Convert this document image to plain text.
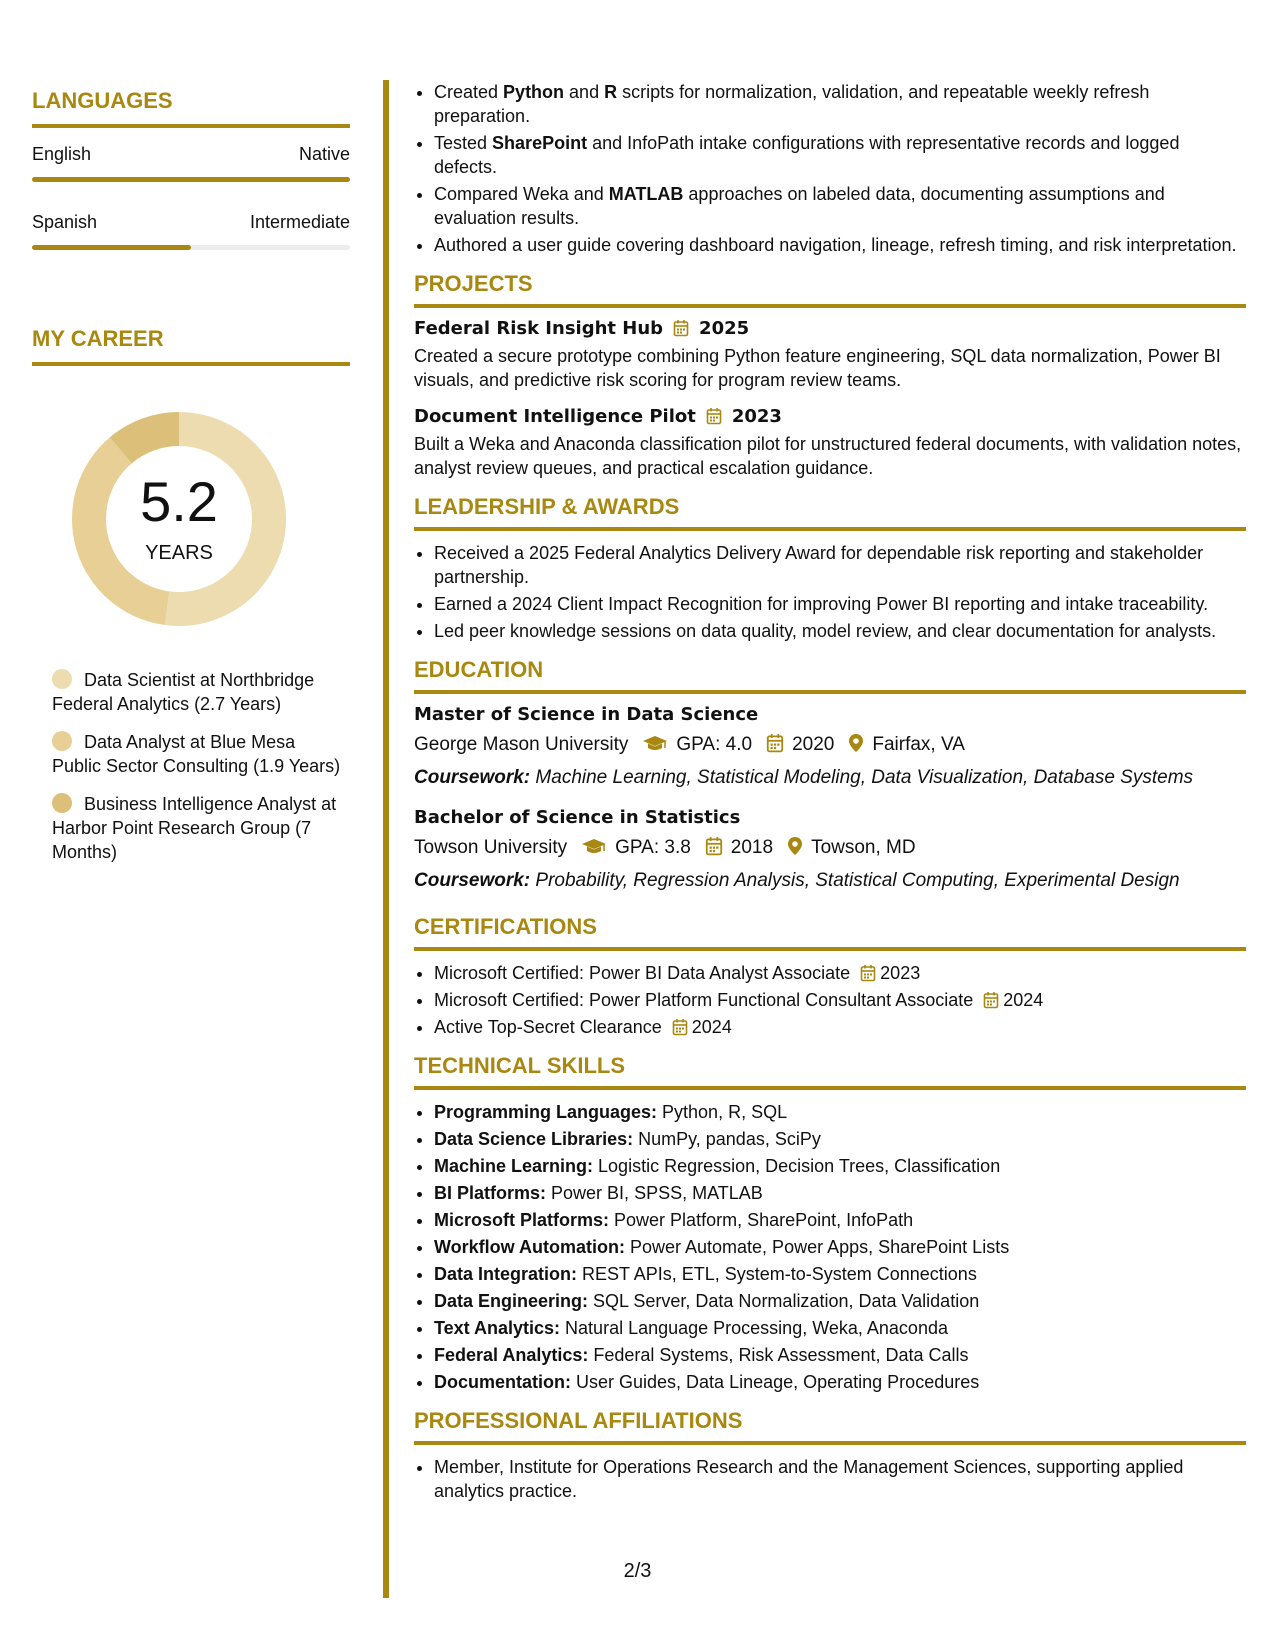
LANGUAGES
English	Native
Spanish	Intermediate
MY CAREER
5.2
YEARS
Data Scientist at Northbridge Federal Analytics (2.7 Years)
Data Analyst at Blue Mesa Public Sector Consulting (1.9 Years)
Business Intelligence Analyst at Harbor Point Research Group (7 Months)
• Created Python and R scripts for normalization, validation, and repeatable weekly refresh preparation.
• Tested SharePoint and InfoPath intake configurations with representative records and logged defects.
• Compared Weka and MATLAB approaches on labeled data, documenting assumptions and evaluation results.
• Authored a user guide covering dashboard navigation, lineage, refresh timing, and risk interpretation.
PROJECTS
Federal Risk Insight Hub 2025
Created a secure prototype combining Python feature engineering, SQL data normalization, Power BI visuals, and predictive risk scoring for program review teams.
Document Intelligence Pilot 2023
Built a Weka and Anaconda classification pilot for unstructured federal documents, with validation notes, analyst review queues, and practical escalation guidance.
LEADERSHIP & AWARDS
• Received a 2025 Federal Analytics Delivery Award for dependable risk reporting and stakeholder partnership.
• Earned a 2024 Client Impact Recognition for improving Power BI reporting and intake traceability.
• Led peer knowledge sessions on data quality, model review, and clear documentation for analysts.
EDUCATION
Master of Science in Data Science
George Mason University	GPA: 4.0 2020 Fairfax, VA
Coursework: Machine Learning, Statistical Modeling, Data Visualization, Database Systems
Bachelor of Science in Statistics
Towson University	GPA: 3.8 2018 Towson, MD
Coursework: Probability, Regression Analysis, Statistical Computing, Experimental Design
CERTIFICATIONS
• Microsoft Certified: Power BI Data Analyst Associate 2023
• Microsoft Certified: Power Platform Functional Consultant Associate 2024
• Active Top-Secret Clearance 2024
TECHNICAL SKILLS
• Programming Languages: Python, R, SQL
• Data Science Libraries: NumPy, pandas, SciPy
• Machine Learning: Logistic Regression, Decision Trees, Classification
• BI Platforms: Power BI, SPSS, MATLAB
• Microsoft Platforms: Power Platform, SharePoint, InfoPath
• Workflow Automation: Power Automate, Power Apps, SharePoint Lists
• Data Integration: REST APIs, ETL, System-to-System Connections
• Data Engineering: SQL Server, Data Normalization, Data Validation
• Text Analytics: Natural Language Processing, Weka, Anaconda
• Federal Analytics: Federal Systems, Risk Assessment, Data Calls
• Documentation: User Guides, Data Lineage, Operating Procedures
PROFESSIONAL AFFILIATIONS
• Member, Institute for Operations Research and the Management Sciences, supporting applied analytics practice.
2/3
